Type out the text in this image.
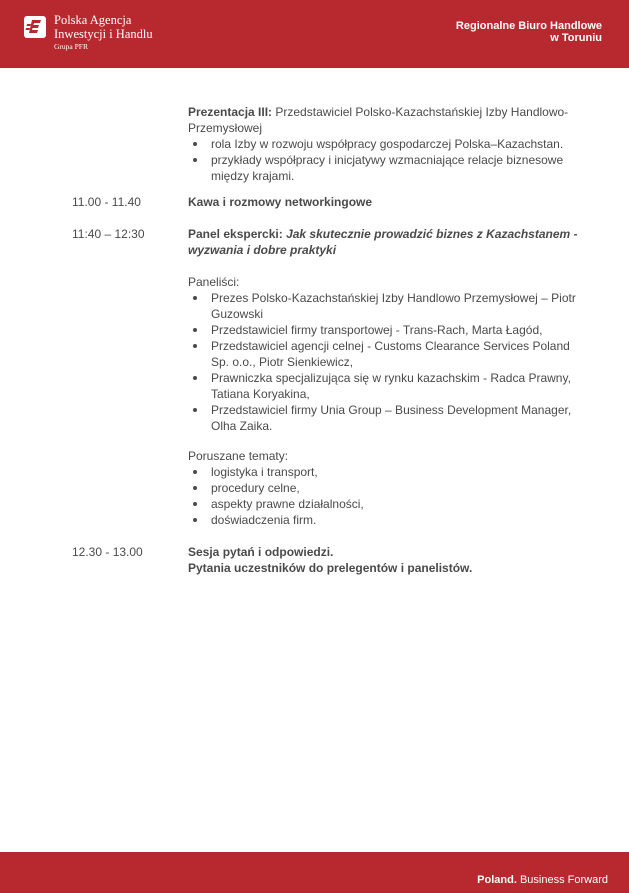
Polska Agencja
Inwestycji i Handlu
Grupa PFR
Regionalne Biuro Handlowe
w Toruniu
Prezentacja III: Przedstawiciel Polsko-Kazachstańskiej Izby Handlowo-Przemysłowej
rola Izby w rozwoju współpracy gospodarczej Polska–Kazachstan.
przykłady współpracy i inicjatywy wzmacniające relacje biznesowe między krajami.
11.00 - 11.40	Kawa i rozmowy networkingowe
11:40 – 12:30	Panel ekspercki: Jak skutecznie prowadzić biznes z Kazachstanem - wyzwania i dobre praktyki
Paneliści:
Prezes Polsko-Kazachstańskiej Izby Handlowo Przemysłowej – Piotr Guzowski
Przedstawiciel firmy transportowej - Trans-Rach, Marta Łagód,
Przedstawiciel agencji celnej - Customs Clearance Services Poland Sp. o.o., Piotr Sienkiewicz,
Prawniczka specjalizująca się w rynku kazachskim - Radca Prawny, Tatiana Koryakina,
Przedstawiciel firmy Unia Group – Business Development Manager, Olha Zaika.
Poruszane tematy:
logistyka i transport,
procedury celne,
aspekty prawne działalności,
doświadczenia firm.
12.30 - 13.00	Sesja pytań i odpowiedzi.
Pytania uczestników do prelegentów i panelistów.
Poland. Business Forward
